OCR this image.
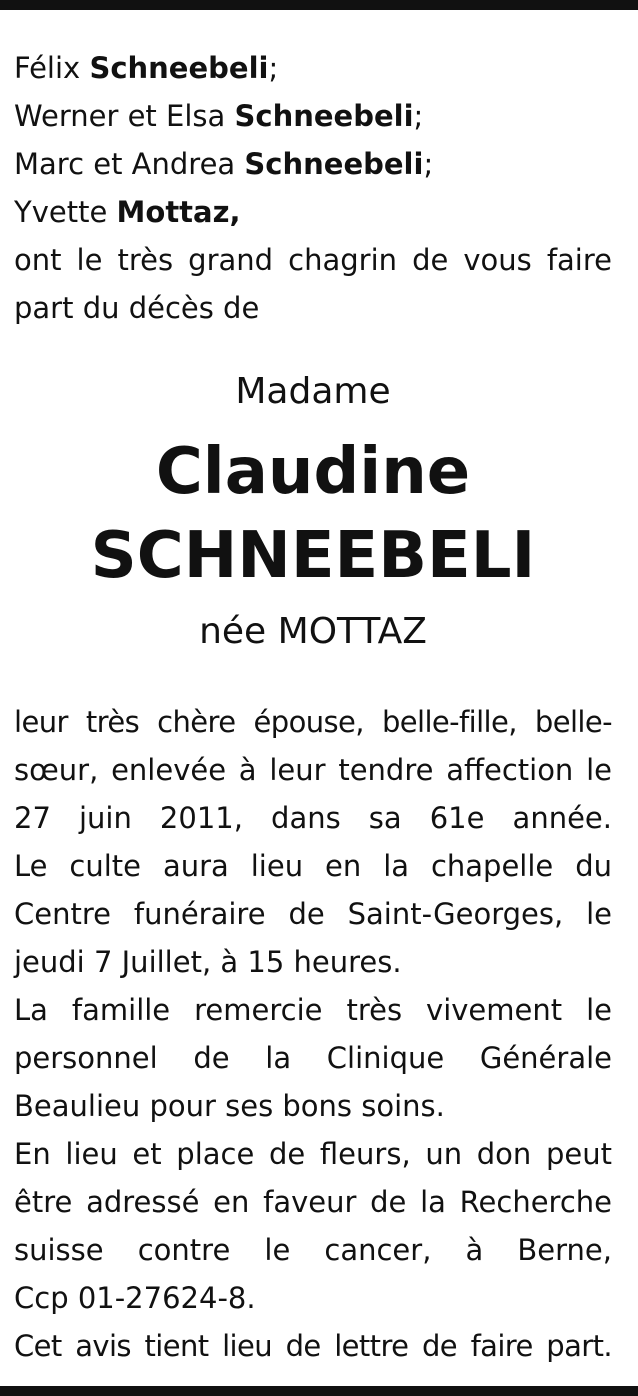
Félix Schneebeli;
Werner et Elsa Schneebeli;
Marc et Andrea Schneebeli;
Yvette Mottaz,
ont le très grand chagrin de vous faire
part du décès de
Madame
Claudine
SCHNEEBELI
née MOTTAZ
leur très chère épouse, belle-fille, belle-
sœur, enlevée à leur tendre affection le
27 juin 2011, dans sa 61e année.
Le culte aura lieu en la chapelle du
Centre funéraire de Saint-Georges, le
jeudi 7 Juillet, à 15 heures.
La famille remercie très vivement le
personnel de la Clinique Générale
Beaulieu pour ses bons soins.
En lieu et place de fleurs, un don peut
être adressé en faveur de la Recherche
suisse contre le cancer, à Berne,
Ccp 01-27624-8.
Cet avis tient lieu de lettre de faire part.
